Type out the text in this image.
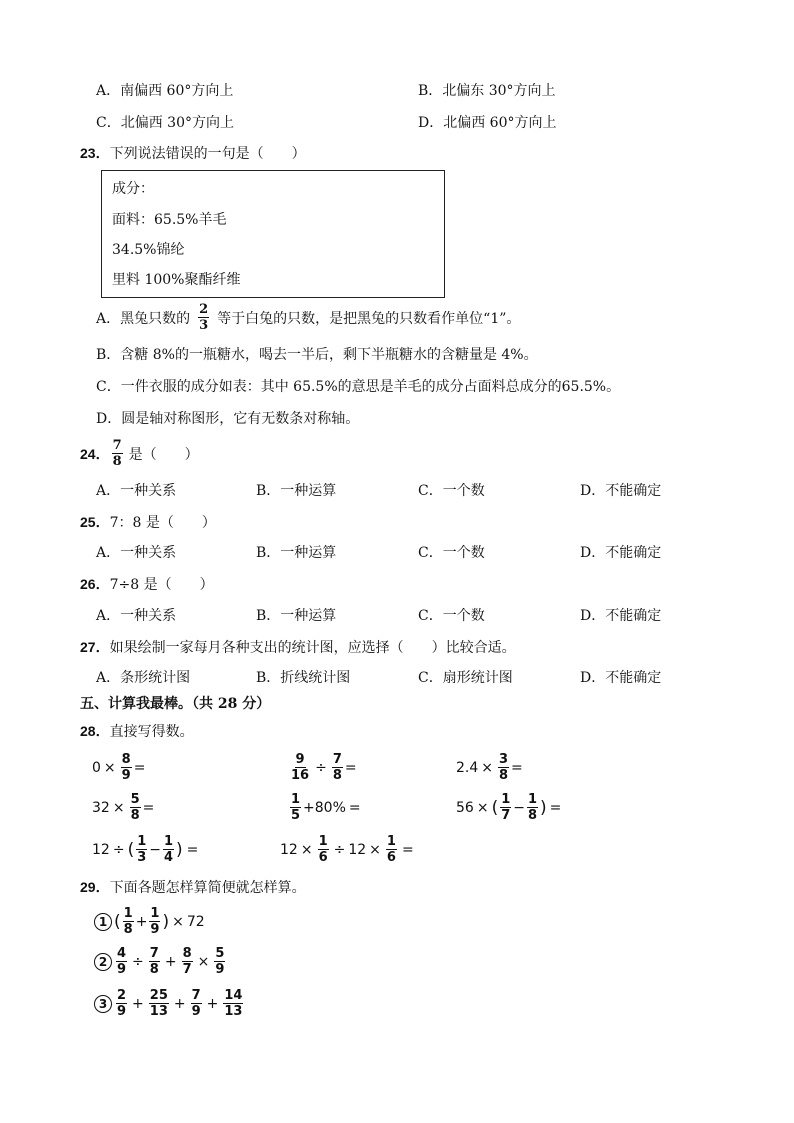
A．南偏西 60°方向上	B．北偏东 30°方向上
C．北偏西 30°方向上	D．北偏西 60°方向上
23．下列说法错误的一句是（　　）
成分：
面料：65.5%羊毛
34.5%锦纶
里料 100%聚酯纤维
A．黑兔只数的 $\frac{2}{3}$ 等于白兔的只数，是把黑兔的只数看作单位“1”。
B．含糖 8%的一瓶糖水，喝去一半后，剩下半瓶糖水的含糖量是 4%。
C．一件衣服的成分如表：其中 65.5%的意思是羊毛的成分占面料总成分的65.5%。
D．圆是轴对称图形，它有无数条对称轴。
24． $\frac{7}{8}$ 是（　　）
A．一种关系	B．一种运算	C．一个数	D．不能确定
25．7：8 是（　　）
A．一种关系	B．一种运算	C．一个数	D．不能确定
26．7÷8 是（　　）
A．一种关系	B．一种运算	C．一个数	D．不能确定
27．如果绘制一家每月各种支出的统计图，应选择（　　）比较合适。
A．条形统计图	B．折线统计图	C．扇形统计图	D．不能确定
五、计算我最棒。（共 28 分）
28．直接写得数。
$0 \times \frac{8}{9}$ =	$\frac{9}{16} \div \frac{7}{8}$ =	$2.4 \times \frac{3}{8}$ =
$32 \times \frac{5}{8}$ =	$\frac{1}{5} +80\%$ =	56 × ( $\frac{1}{7} - \frac{1}{8}$ ) =
12 ÷ ( $\frac{1}{3} - \frac{1}{4}$ ) =	$12 \times \frac{1}{6} \div 12 \times \frac{1}{6}$ =
29．下面各题怎样算简便就怎样算。
1 ( $\frac{1}{8} + \frac{1}{9}$ ) × 72
$2 \frac{4}{9} \div \frac{7}{8} + \frac{8}{7} \times \frac{5}{9}$
$3 \frac{2}{9} + \frac{25}{13} + \frac{7}{9} + \frac{14}{13}$
